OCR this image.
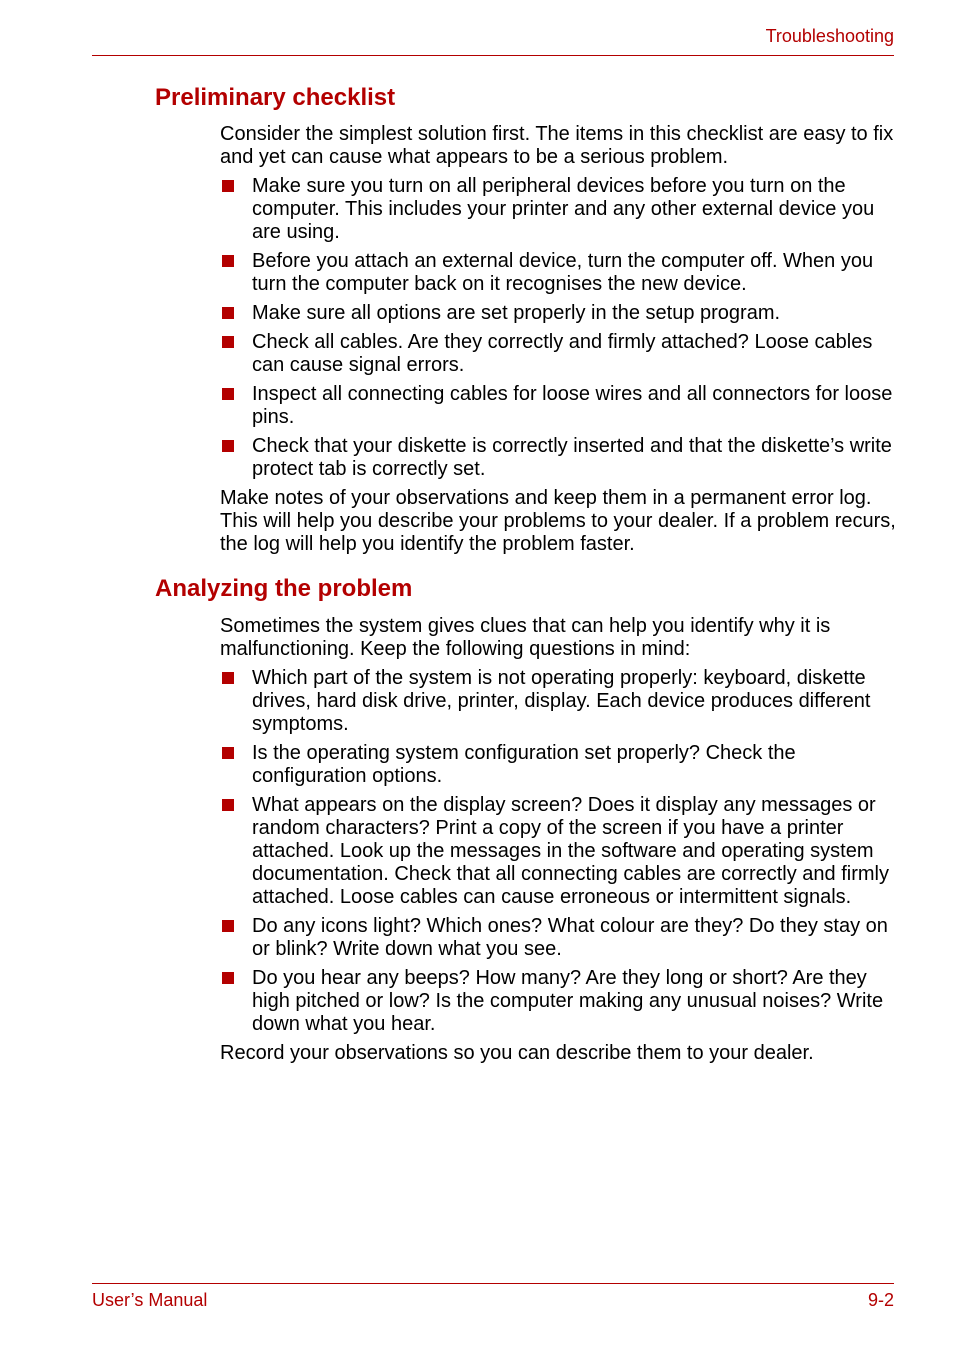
Troubleshooting
Preliminary checklist

Consider the simplest solution first. The items in this checklist are easy to fix and yet can cause what appears to be a serious problem.

Make sure you turn on all peripheral devices before you turn on the computer. This includes your printer and any other external device you are using.
Before you attach an external device, turn the computer off. When you turn the computer back on it recognises the new device.
Make sure all options are set properly in the setup program.
Check all cables. Are they correctly and firmly attached? Loose cables can cause signal errors.
Inspect all connecting cables for loose wires and all connectors for loose pins.
Check that your diskette is correctly inserted and that the diskette’s write protect tab is correctly set.

Make notes of your observations and keep them in a permanent error log. This will help you describe your problems to your dealer. If a problem recurs, the log will help you identify the problem faster.

Analyzing the problem

Sometimes the system gives clues that can help you identify why it is malfunctioning. Keep the following questions in mind:

Which part of the system is not operating properly: keyboard, diskette drives, hard disk drive, printer, display. Each device produces different symptoms.
Is the operating system configuration set properly? Check the configuration options.
What appears on the display screen? Does it display any messages or random characters? Print a copy of the screen if you have a printer attached. Look up the messages in the software and operating system documentation. Check that all connecting cables are correctly and firmly attached. Loose cables can cause erroneous or intermittent signals.
Do any icons light? Which ones? What colour are they? Do they stay on or blink? Write down what you see.
Do you hear any beeps? How many? Are they long or short? Are they high pitched or low? Is the computer making any unusual noises? Write down what you hear.

Record your observations so you can describe them to your dealer.

User’s Manual	9-2
